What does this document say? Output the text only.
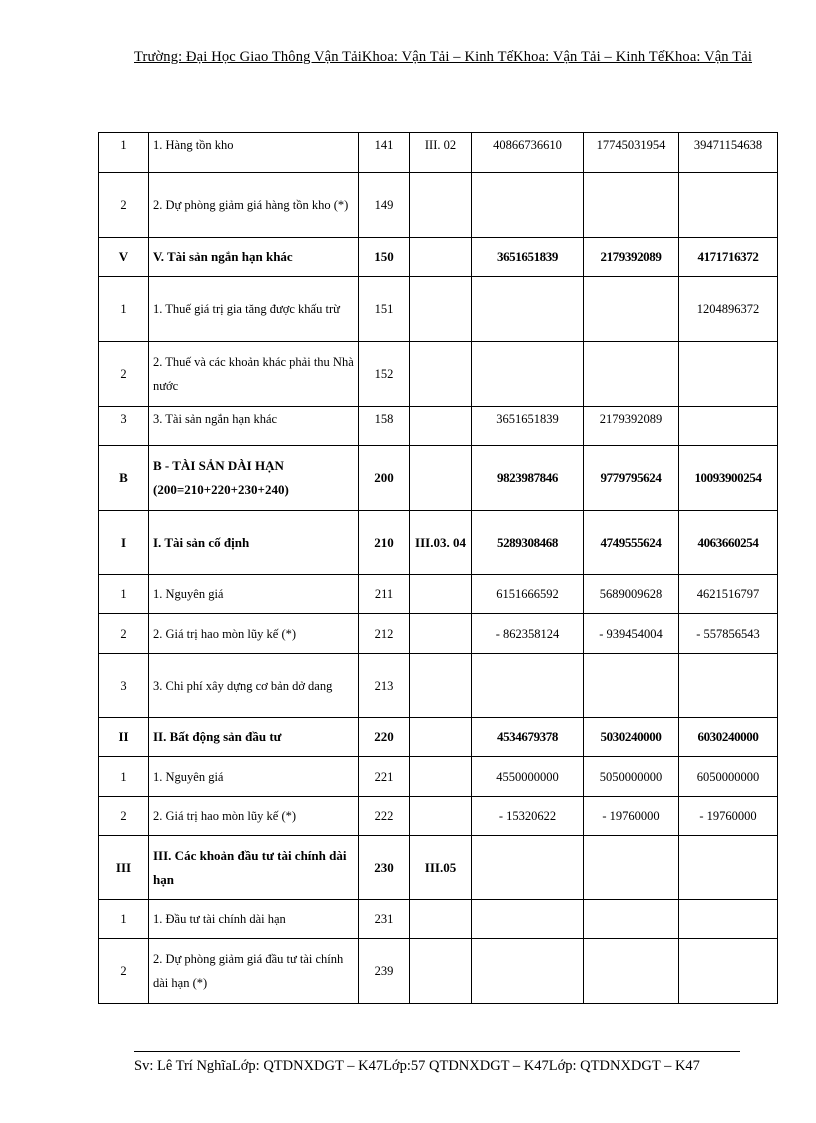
Trường: Đại Học Giao Thông Vận TảiKhoa: Vận Tải – Kinh TếKhoa: Vận Tải – Kinh TếKhoa: Vận Tải
1	1. Hàng tồn kho	141	III. 02	40866736610	17745031954	39471154638
2	2. Dự phòng giảm giá hàng tồn kho (*)	149				
V	V. Tài sản ngắn hạn khác	150		3651651839	2179392089	4171716372
1	1. Thuế giá trị gia tăng được khấu trừ	151				1204896372
2	2. Thuế và các khoản khác phải thu Nhà nước	152				
3	3. Tài sản ngắn hạn khác	158		3651651839	2179392089	
B	B - TÀI SẢN DÀI HẠN (200=210+220+230+240)	200		9823987846	9779795624	10093900254
I	I. Tài sản cố định	210	III.03. 04	5289308468	4749555624	4063660254
1	1. Nguyên giá	211		6151666592	5689009628	4621516797
2	2. Giá trị hao mòn lũy kế (*)	212		- 862358124	- 939454004	- 557856543
3	3. Chi phí xây dựng cơ bản dở dang	213				
II	II. Bất động sản đầu tư	220		4534679378	5030240000	6030240000
1	1. Nguyên giá	221		4550000000	5050000000	6050000000
2	2. Giá trị hao mòn lũy kế (*)	222		- 15320622	- 19760000	- 19760000
III	III. Các khoản đầu tư tài chính dài hạn	230	III.05			
1	1. Đầu tư tài chính dài hạn	231				
2	2. Dự phòng giảm giá đầu tư tài chính dài hạn (*)	239				
Sv: Lê Trí NghĩaLớp: QTDNXDGT – K47Lớp:57 QTDNXDGT – K47Lớp: QTDNXDGT – K47
